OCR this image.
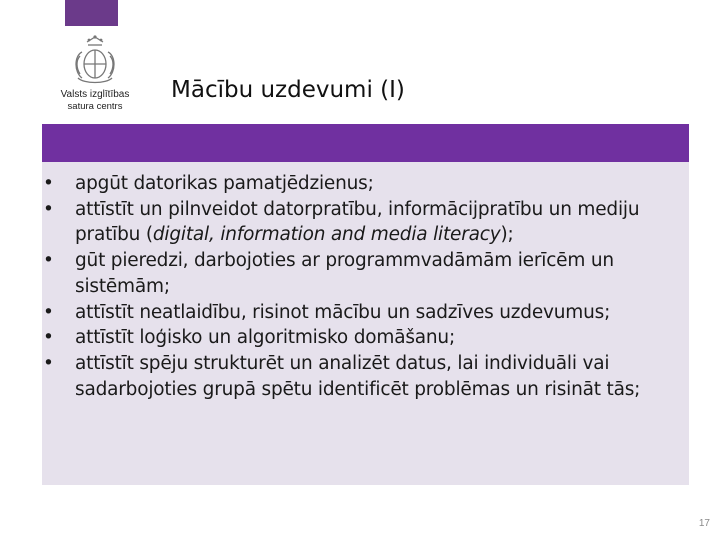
Valsts izglītības
satura centrs
Mācību uzdevumi (I)
•	apgūt datorikas pamatjēdzienus;
•	attīstīt un pilnveidot datorpratību, informācijpratību un mediju pratību (digital, information and media literacy);
•	gūt pieredzi, darbojoties ar programmvadāmām ierīcēm un sistēmām;
•	attīstīt neatlaidību, risinot mācību un sadzīves uzdevumus;
•	attīstīt loģisko un algoritmisko domāšanu;
•	attīstīt spēju strukturēt un analizēt datus, lai individuāli vai sadarbojoties grupā spētu identificēt problēmas un risināt tās;
17
